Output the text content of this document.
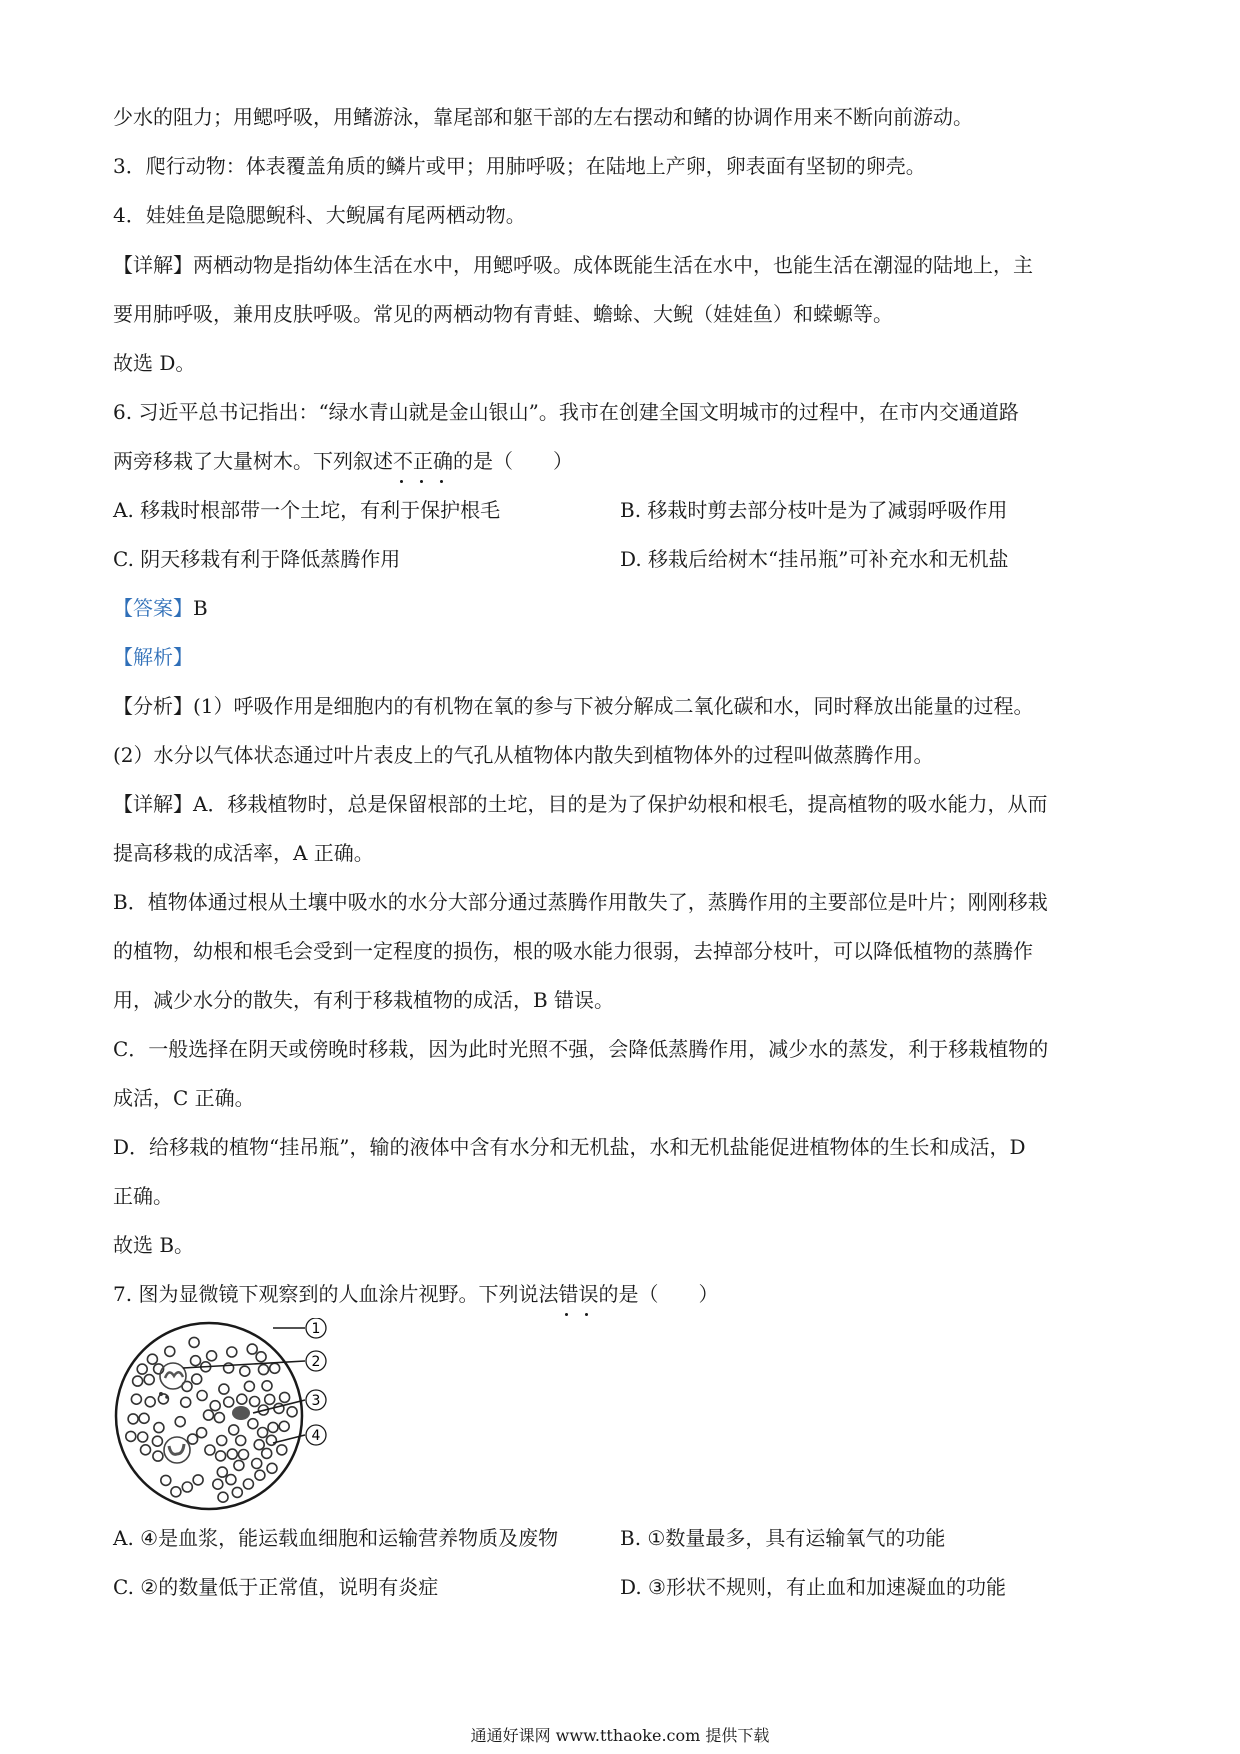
少水的阻力；用鳃呼吸，用鳍游泳，靠尾部和躯干部的左右摆动和鳍的协调作用来不断向前游动。
3．爬行动物：体表覆盖角质的鳞片或甲；用肺呼吸；在陆地上产卵，卵表面有坚韧的卵壳。
4．娃娃鱼是隐腮鲵科、大鲵属有尾两栖动物。
【详解】两栖动物是指幼体生活在水中，用鳃呼吸。成体既能生活在水中，也能生活在潮湿的陆地上，主
要用肺呼吸，兼用皮肤呼吸。常见的两栖动物有青蛙、蟾蜍、大鲵（娃娃鱼）和蝾螈等。
故选 D。
6. 习近平总书记指出：“绿水青山就是金山银山”。我市在创建全国文明城市的过程中，在市内交通道路
两旁移栽了大量树木。下列叙述不正确
的是（　　）
A. 移栽时根部带一个土坨，有利于保护根毛	B. 移栽时剪去部分枝叶是为了减弱呼吸作用
C. 阴天移栽有利于降低蒸腾作用	D. 移栽后给树木“挂吊瓶”可补充水和无机盐
【答案】B
【解析】
【分析】(1）呼吸作用是细胞内的有机物在氧的参与下被分解成二氧化碳和水，同时释放出能量的过程。
(2）水分以气体状态通过叶片表皮上的气孔从植物体内散失到植物体外的过程叫做蒸腾作用。
【详解】A．移栽植物时，总是保留根部的土坨，目的是为了保护幼根和根毛，提高植物的吸水能力，从而
提高移栽的成活率，A 正确。
B．植物体通过根从土壤中吸水的水分大部分通过蒸腾作用散失了，蒸腾作用的主要部位是叶片；刚刚移栽
的植物，幼根和根毛会受到一定程度的损伤，根的吸水能力很弱，去掉部分枝叶，可以降低植物的蒸腾作
用，减少水分的散失，有利于移栽植物的成活，B 错误。
C．一般选择在阴天或傍晚时移栽，因为此时光照不强，会降低蒸腾作用，减少水的蒸发，利于移栽植物的
成活，C 正确。
D．给移栽的植物“挂吊瓶”，输的液体中含有水分和无机盐，水和无机盐能促进植物体的生长和成活，D
正确。
故选 B。
7. 图为显微镜下观察到的人血涂片视野。下列说法错误
的是（　　）
1
2
3
4
A. ④是血浆，能运载血细胞和运输营养物质及废物	B. ①数量最多，具有运输氧气的功能
C. ②的数量低于正常值，说明有炎症	D. ③形状不规则，有止血和加速凝血的功能
通通好课网 www.tthaoke.com 提供下载
